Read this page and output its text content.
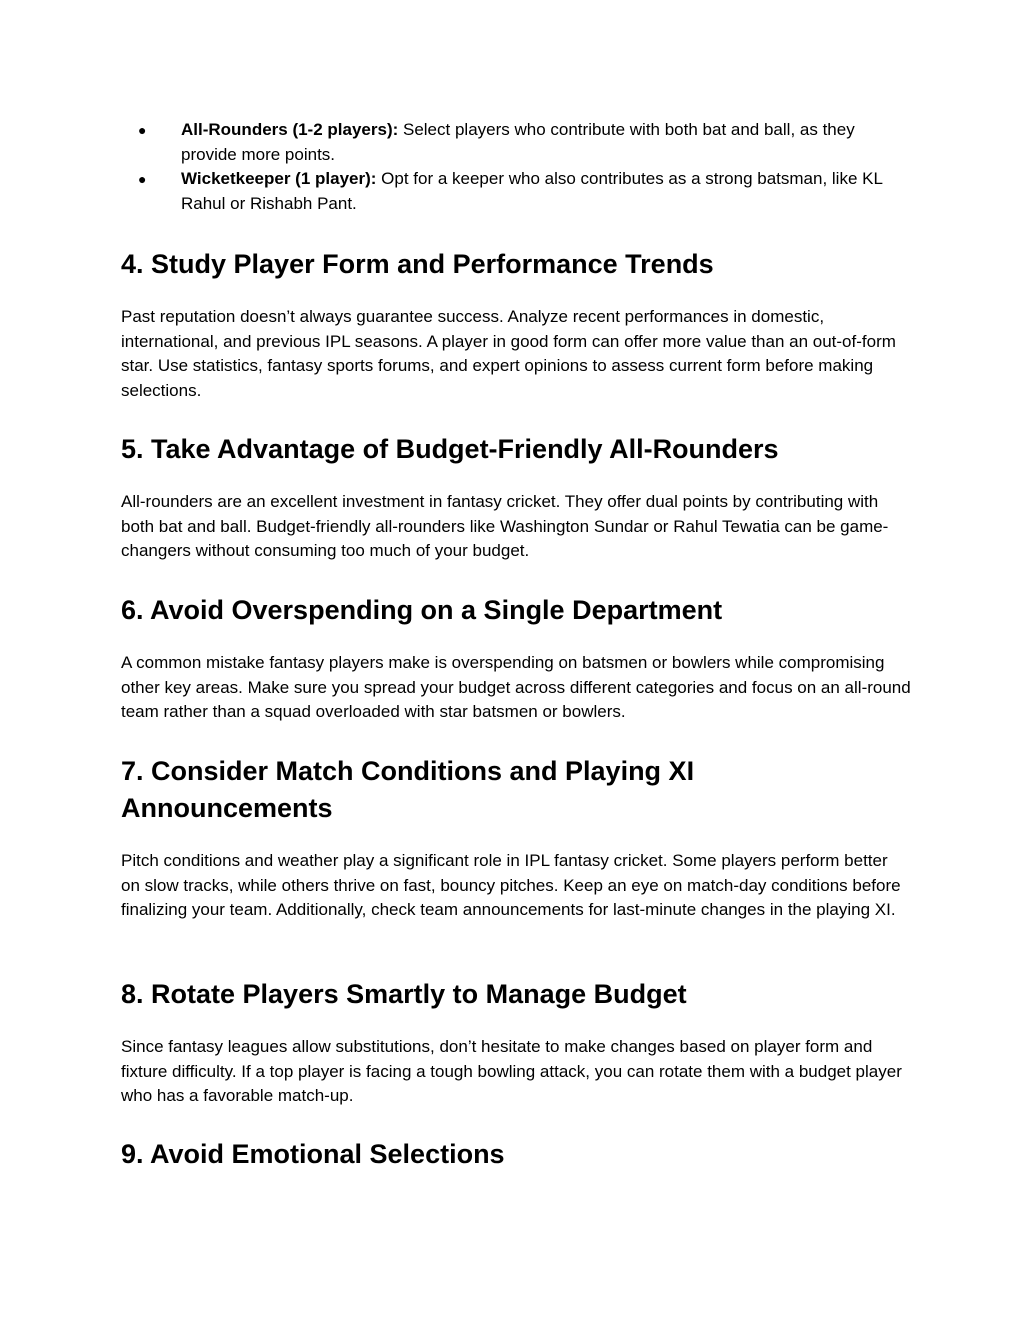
● All-Rounders (1-2 players): Select players who contribute with both bat and ball, as they provide more points.
● Wicketkeeper (1 player): Opt for a keeper who also contributes as a strong batsman, like KL Rahul or Rishabh Pant.
4. Study Player Form and Performance Trends

Past reputation doesn’t always guarantee success. Analyze recent performances in domestic, international, and previous IPL seasons. A player in good form can offer more value than an out-of-form star. Use statistics, fantasy sports forums, and expert opinions to assess current form before making selections.

5. Take Advantage of Budget-Friendly All-Rounders

All-rounders are an excellent investment in fantasy cricket. They offer dual points by contributing with both bat and ball. Budget-friendly all-rounders like Washington Sundar or Rahul Tewatia can be game-changers without consuming too much of your budget.

6. Avoid Overspending on a Single Department

A common mistake fantasy players make is overspending on batsmen or bowlers while compromising other key areas. Make sure you spread your budget across different categories and focus on an all-round team rather than a squad overloaded with star batsmen or bowlers.

7. Consider Match Conditions and Playing XI Announcements

Pitch conditions and weather play a significant role in IPL fantasy cricket. Some players perform better on slow tracks, while others thrive on fast, bouncy pitches. Keep an eye on match-day conditions before finalizing your team. Additionally, check team announcements for last-minute changes in the playing XI.

8. Rotate Players Smartly to Manage Budget

Since fantasy leagues allow substitutions, don’t hesitate to make changes based on player form and fixture difficulty. If a top player is facing a tough bowling attack, you can rotate them with a budget player who has a favorable match-up.

9. Avoid Emotional Selections
